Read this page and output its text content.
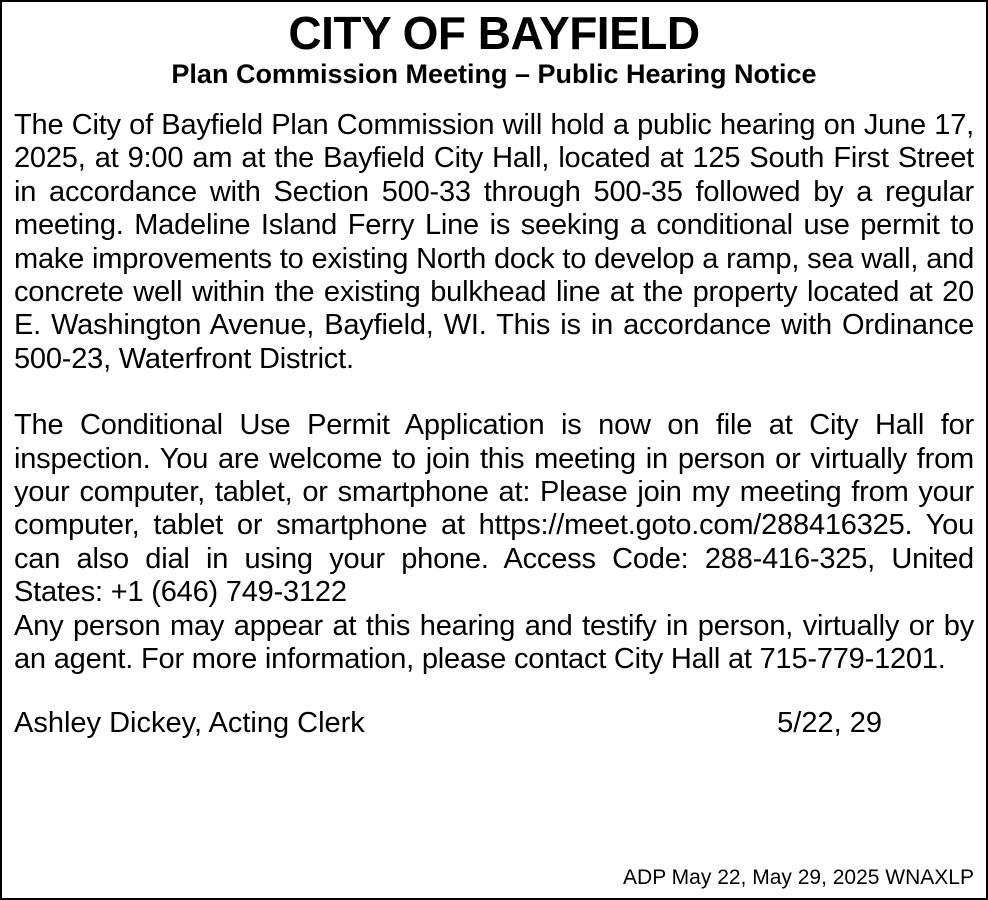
CITY OF BAYFIELD
Plan Commission Meeting – Public Hearing Notice

The City of Bayfield Plan Commission will hold a public hearing on June 17, 2025, at 9:00 am at the Bayfield City Hall, located at 125 South First Street in accordance with Section 500-33 through 500-35 followed by a regular meeting. Madeline Island Ferry Line is seeking a conditional use permit to make improvements to existing North dock to develop a ramp, sea wall, and concrete well within the existing bulkhead line at the property located at 20 E. Washington Avenue, Bayfield, WI. This is in accordance with Ordinance 500-23, Waterfront District.

The Conditional Use Permit Application is now on file at City Hall for inspection. You are welcome to join this meeting in person or virtually from your computer, tablet, or smartphone at: Please join my meeting from your computer, tablet or smartphone at https://meet.goto.com/288416325. You can also dial in using your phone. Access Code: 288-416-325, United States: +1 (646) 749-3122

Any person may appear at this hearing and testify in person, virtually or by an agent. For more information, please contact City Hall at 715-779-1201.

Ashley Dickey, Acting Clerk	5/22, 29
ADP May 22, May 29, 2025 WNAXLP
